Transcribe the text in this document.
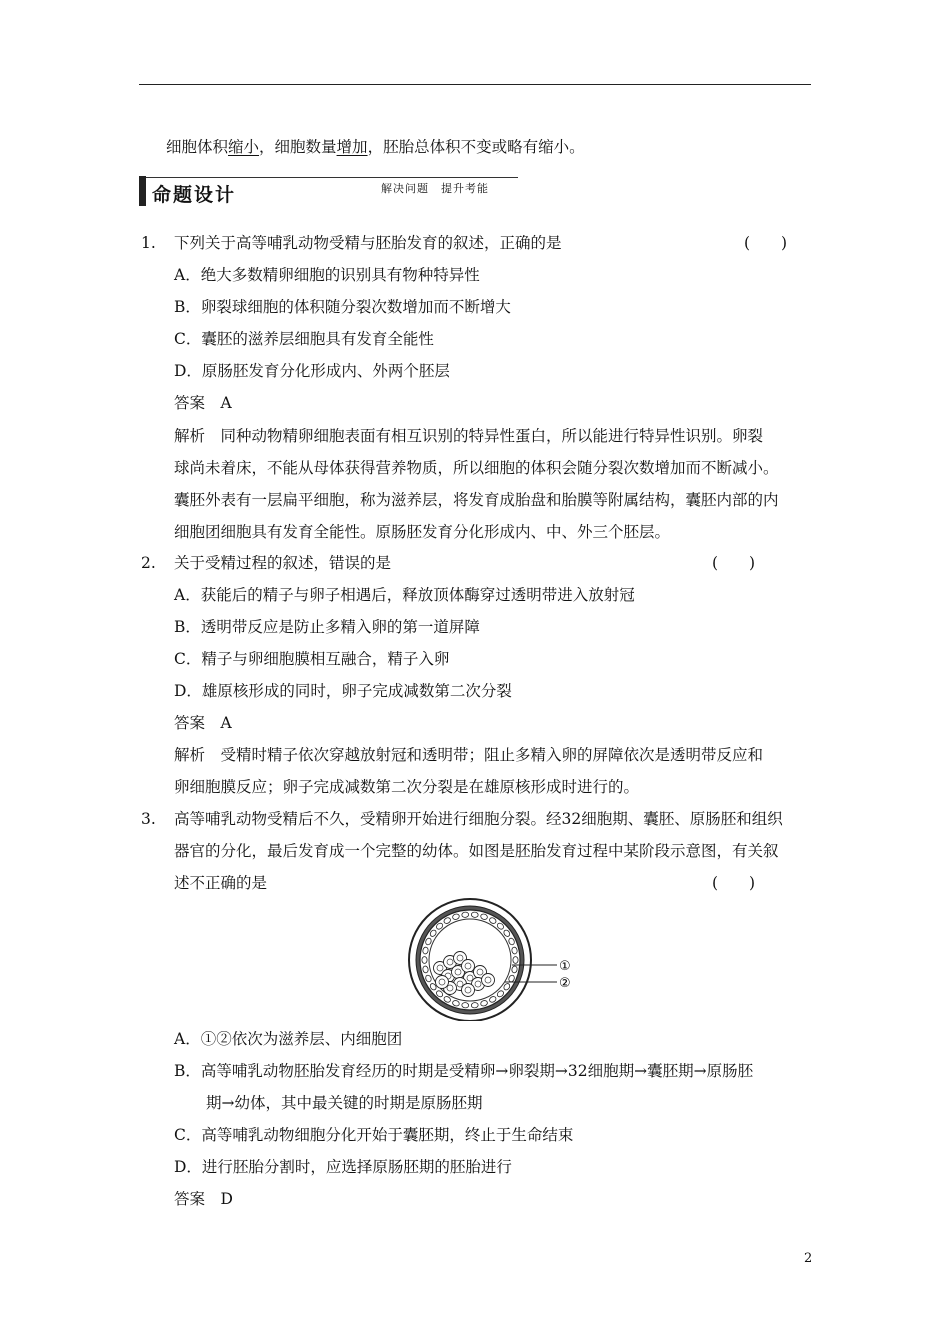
细胞体积缩小，细胞数量增加，胚胎总体积不变或略有缩小。
命题设计	解决问题　提升考能
1. 下列关于高等哺乳动物受精与胚胎发育的叙述，正确的是	(　　)
A．绝大多数精卵细胞的识别具有物种特异性
B．卵裂球细胞的体积随分裂次数增加而不断增大
C．囊胚的滋养层细胞具有发育全能性
D．原肠胚发育分化形成内、外两个胚层
答案　A
解析　同种动物精卵细胞表面有相互识别的特异性蛋白，所以能进行特异性识别。卵裂
球尚未着床，不能从母体获得营养物质，所以细胞的体积会随分裂次数增加而不断减小。
囊胚外表有一层扁平细胞，称为滋养层，将发育成胎盘和胎膜等附属结构，囊胚内部的内
细胞团细胞具有发育全能性。原肠胚发育分化形成内、中、外三个胚层。
2. 关于受精过程的叙述，错误的是	(　　)
A．获能后的精子与卵子相遇后，释放顶体酶穿过透明带进入放射冠
B．透明带反应是防止多精入卵的第一道屏障
C．精子与卵细胞膜相互融合，精子入卵
D．雄原核形成的同时，卵子完成减数第二次分裂
答案　A
解析　受精时精子依次穿越放射冠和透明带；阻止多精入卵的屏障依次是透明带反应和
卵细胞膜反应；卵子完成减数第二次分裂是在雄原核形成时进行的。
3. 高等哺乳动物受精后不久，受精卵开始进行细胞分裂。经32细胞期、囊胚、原肠胚和组织
器官的分化，最后发育成一个完整的幼体。如图是胚胎发育过程中某阶段示意图，有关叙
述不正确的是	(　　)
①
②
A．①②依次为滋养层、内细胞团
B．高等哺乳动物胚胎发育经历的时期是受精卵→卵裂期→32细胞期→囊胚期→原肠胚
期→幼体，其中最关键的时期是原肠胚期
C．高等哺乳动物细胞分化开始于囊胚期，终止于生命结束
D．进行胚胎分割时，应选择原肠胚期的胚胎进行
答案　D
2
